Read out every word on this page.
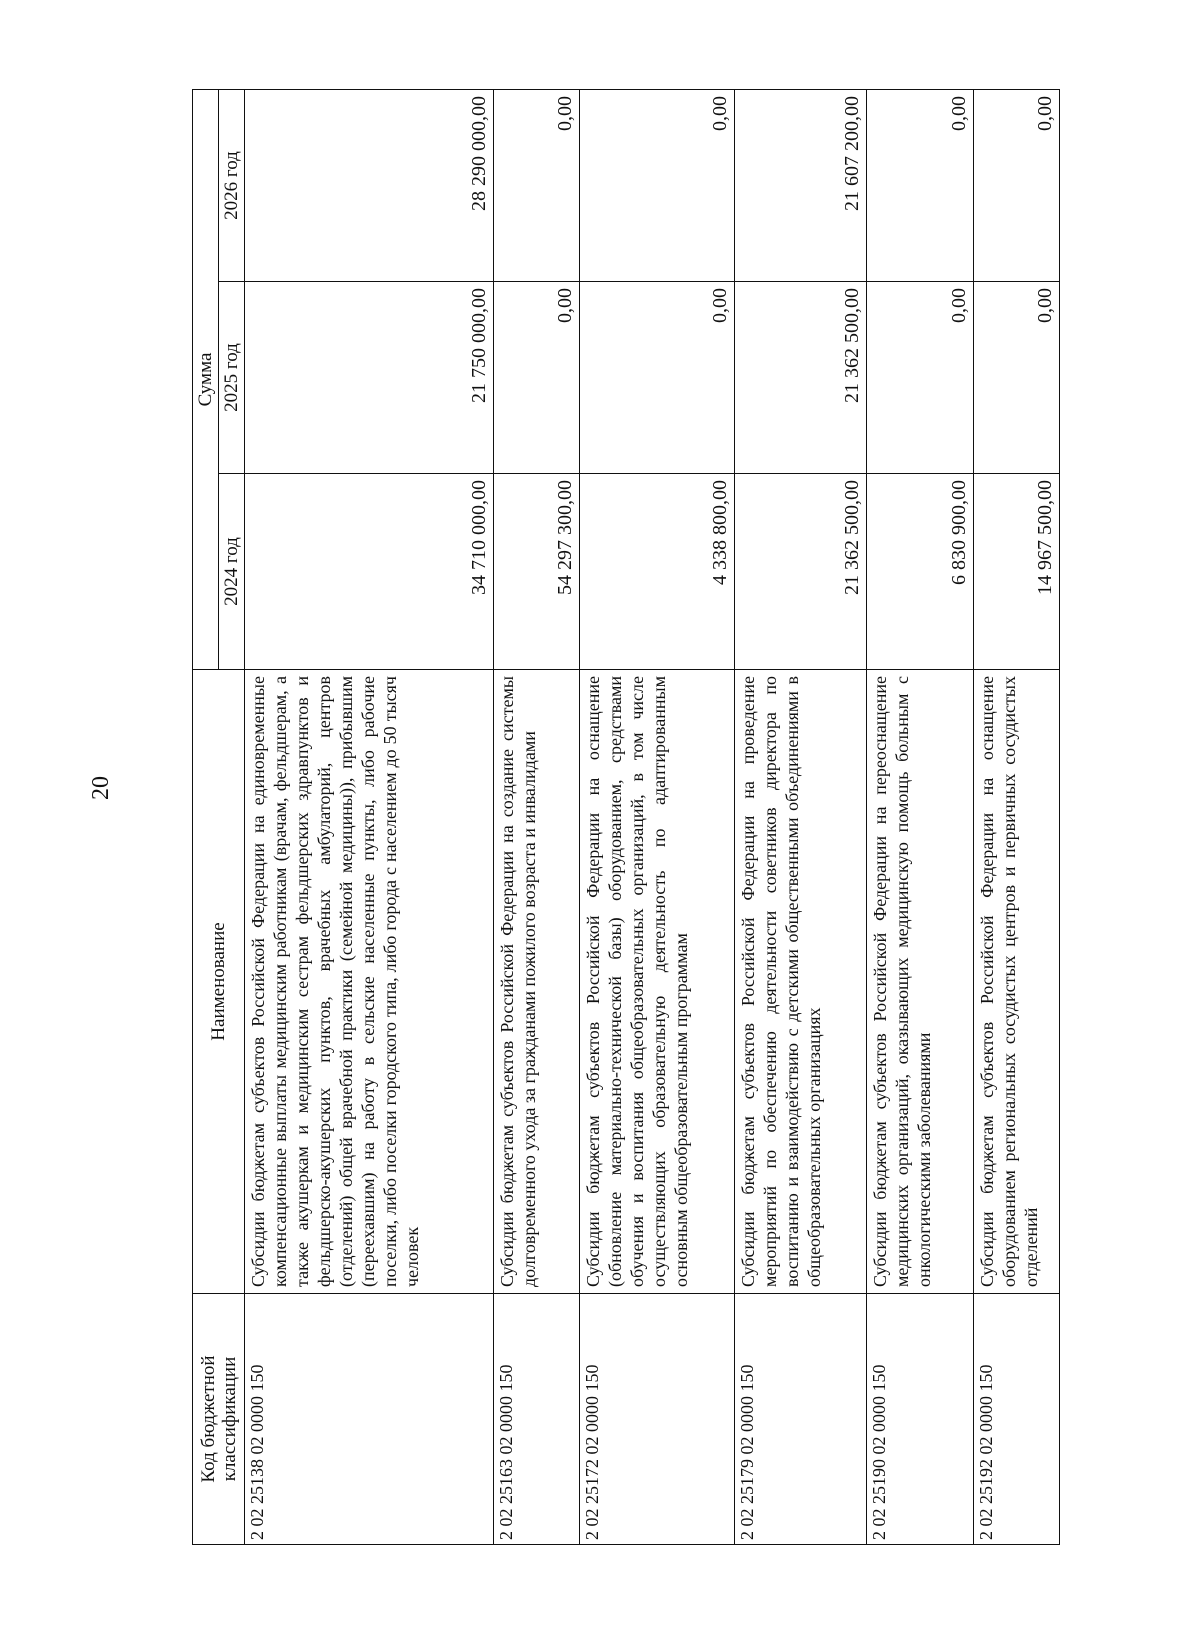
20
Код бюджетной классификации	Наименование	Сумма		
		2024 год	2025 год	2026 год
2 02 25138 02 0000 150	Субсидии бюджетам субъектов Российской Федерации на единовременные компенсационные выплаты медицинским работникам (врачам, фельдшерам, а также акушеркам и медицинским сестрам фельдшерских здравпунктов и фельдшерско-акушерских пунктов, врачебных амбулаторий, центров (отделений) общей врачебной практики (семейной медицины)), прибывшим (переехавшим) на работу в сельские населенные пункты, либо рабочие поселки, либо поселки городского типа, либо города с населением до 50 тысяч человек	34 710 000,00	21 750 000,00	28 290 000,00
2 02 25163 02 0000 150	Субсидии бюджетам субъектов Российской Федерации на создание системы долговременного ухода за гражданами пожилого возраста и инвалидами	54 297 300,00	0,00	0,00
2 02 25172 02 0000 150	Субсидии бюджетам субъектов Российской Федерации на оснащение (обновление материально-технической базы) оборудованием, средствами обучения и воспитания общеобразовательных организаций, в том числе осуществляющих образовательную деятельность по адаптированным основным общеобразовательным программам	4 338 800,00	0,00	0,00
2 02 25179 02 0000 150	Субсидии бюджетам субъектов Российской Федерации на проведение мероприятий по обеспечению деятельности советников директора по воспитанию и взаимодействию с детскими общественными объединениями в общеобразовательных организациях	21 362 500,00	21 362 500,00	21 607 200,00
2 02 25190 02 0000 150	Субсидии бюджетам субъектов Российской Федерации на переоснащение медицинских организаций, оказывающих медицинскую помощь больным с онкологическими заболеваниями	6 830 900,00	0,00	0,00
2 02 25192 02 0000 150	Субсидии бюджетам субъектов Российской Федерации на оснащение оборудованием региональных сосудистых центров и первичных сосудистых отделений	14 967 500,00	0,00	0,00
